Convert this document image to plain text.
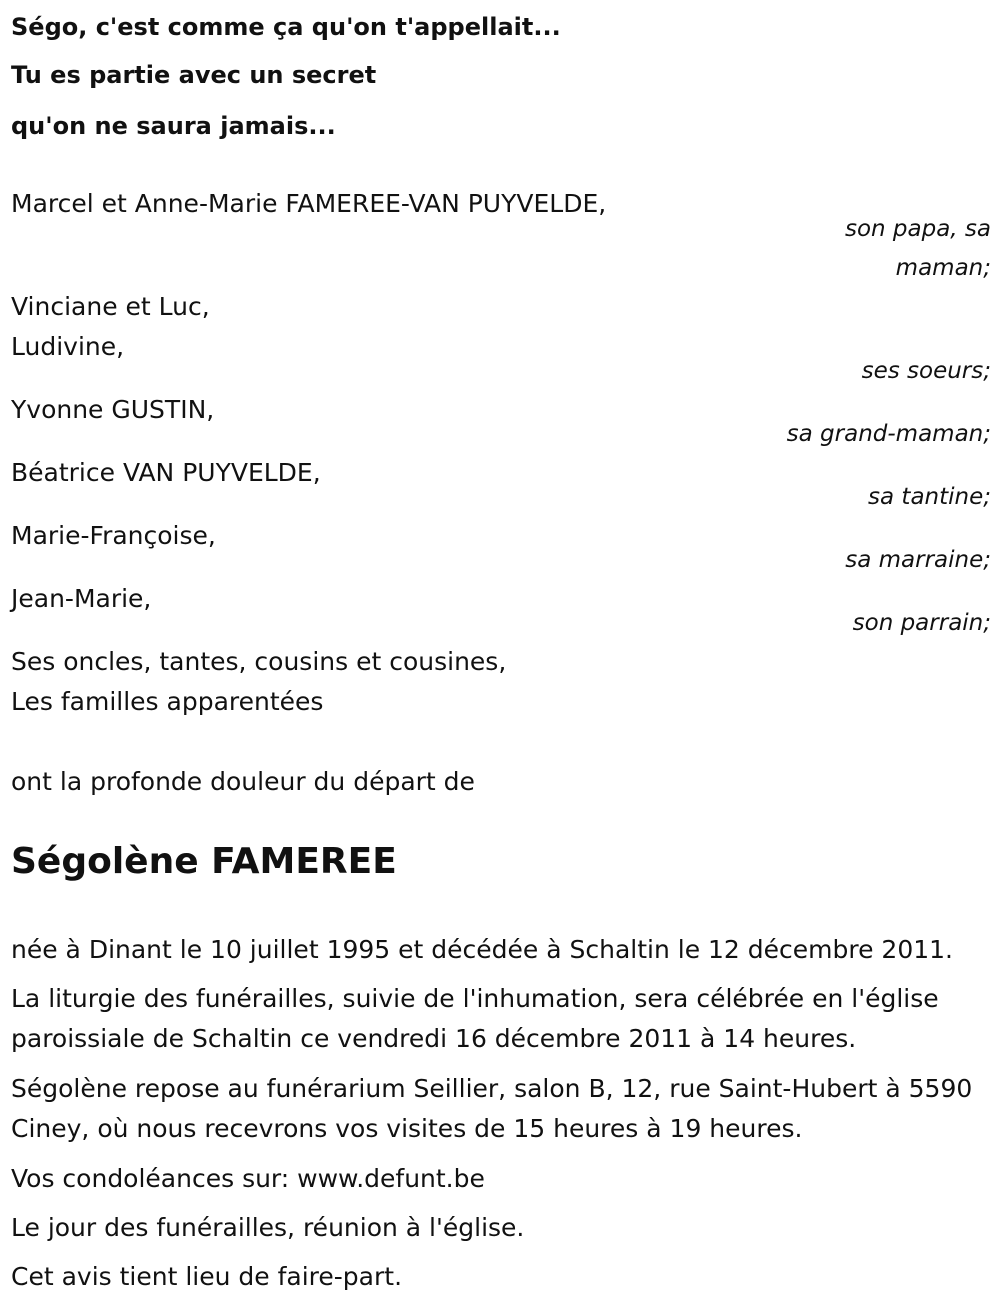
Ségo, c'est comme ça qu'on t'appellait...
Tu es partie avec un secret
qu'on ne saura jamais...
Marcel et Anne-Marie FAMEREE-VAN PUYVELDE,
son papa, sa
maman;
Vinciane et Luc,
Ludivine,
ses soeurs;
Yvonne GUSTIN,
sa grand-maman;
Béatrice VAN PUYVELDE,
sa tantine;
Marie-Françoise,
sa marraine;
Jean-Marie,
son parrain;
Ses oncles, tantes, cousins et cousines,
Les familles apparentées
ont la profonde douleur du départ de
Ségolène FAMEREE
née à Dinant le 10 juillet 1995 et décédée à Schaltin le 12 décembre 2011.
La liturgie des funérailles, suivie de l'inhumation, sera célébrée en l'église paroissiale de Schaltin ce vendredi 16 décembre 2011 à 14 heures.
Ségolène repose au funérarium Seillier, salon B, 12, rue Saint-Hubert à 5590 Ciney, où nous recevrons vos visites de 15 heures à 19 heures.
Vos condoléances sur: www.defunt.be
Le jour des funérailles, réunion à l'église.
Cet avis tient lieu de faire-part.
